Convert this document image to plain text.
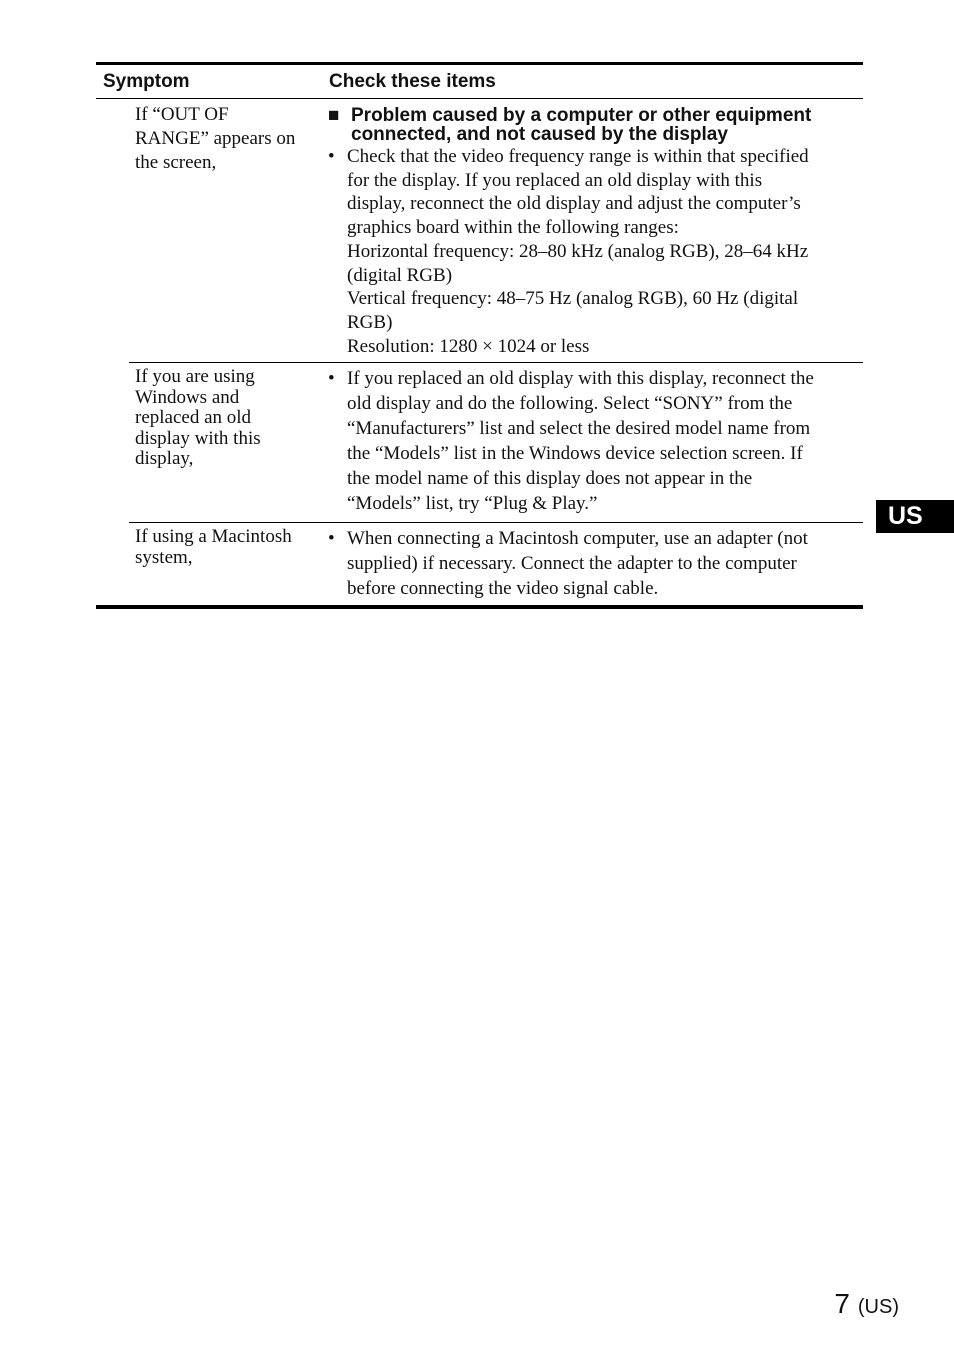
Symptom	Check these items
If “OUT OF
RANGE” appears on
the screen,
■ Problem caused by a computer or other equipment
connected, and not caused by the display
• Check that the video frequency range is within that specified
for the display. If you replaced an old display with this
display, reconnect the old display and adjust the computer’s
graphics board within the following ranges:
Horizontal frequency: 28–80 kHz (analog RGB), 28–64 kHz
(digital RGB)
Vertical frequency: 48–75 Hz (analog RGB), 60 Hz (digital
RGB)
Resolution: 1280 × 1024 or less
If you are using
Windows and
replaced an old
display with this
display,
• If you replaced an old display with this display, reconnect the
old display and do the following. Select “SONY” from the
“Manufacturers” list and select the desired model name from
the “Models” list in the Windows device selection screen. If
the model name of this display does not appear in the
“Models” list, try “Plug & Play.”
If using a Macintosh
system,
• When connecting a Macintosh computer, use an adapter (not
supplied) if necessary. Connect the adapter to the computer
before connecting the video signal cable.
US
7 (US)
